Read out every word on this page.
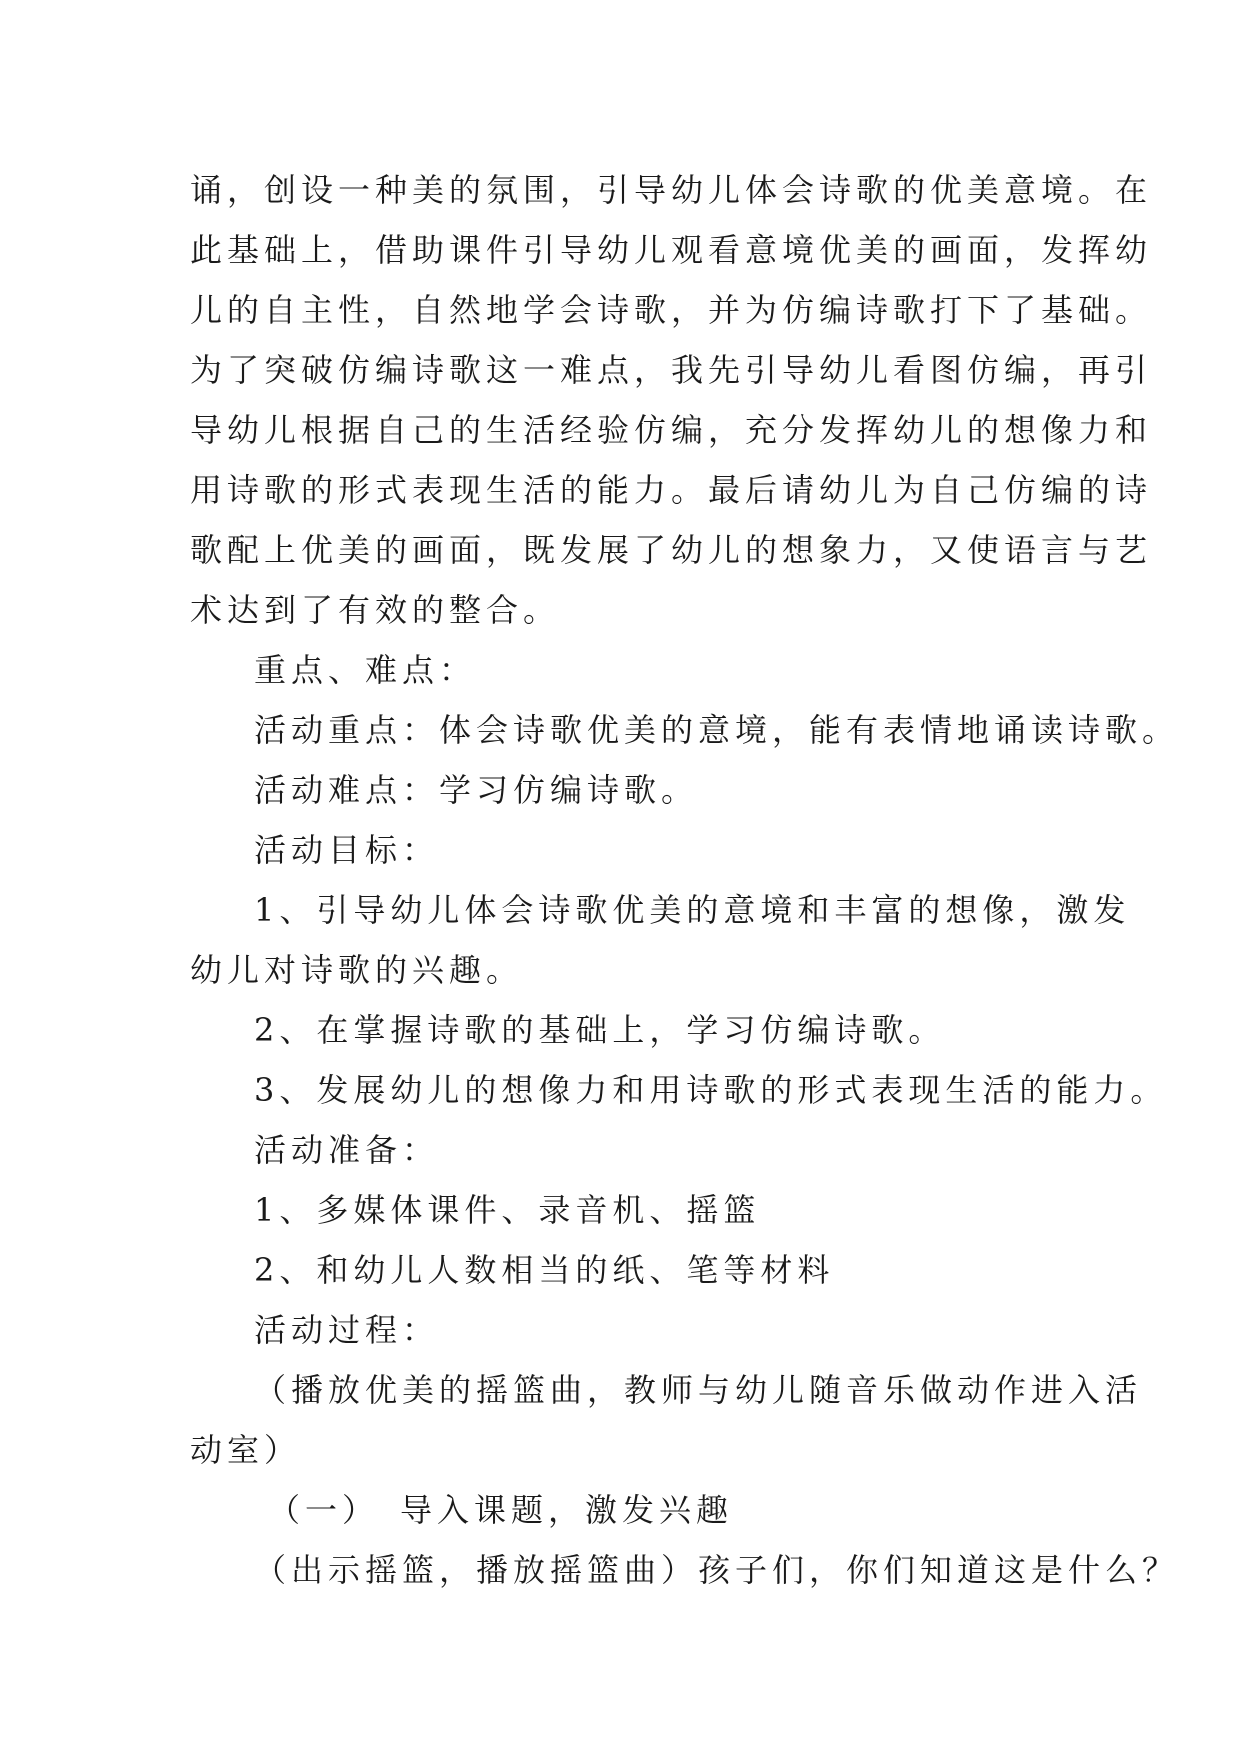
诵，创设一种美的氛围，引导幼儿体会诗歌的优美意境。在
此基础上，借助课件引导幼儿观看意境优美的画面，发挥幼
儿的自主性，自然地学会诗歌，并为仿编诗歌打下了基础。
为了突破仿编诗歌这一难点，我先引导幼儿看图仿编，再引
导幼儿根据自己的生活经验仿编，充分发挥幼儿的想像力和
用诗歌的形式表现生活的能力。最后请幼儿为自己仿编的诗
歌配上优美的画面，既发展了幼儿的想象力，又使语言与艺
术达到了有效的整合。
重点、难点：
活动重点：体会诗歌优美的意境，能有表情地诵读诗歌。
活动难点：学习仿编诗歌。
活动目标：
1、引导幼儿体会诗歌优美的意境和丰富的想像，激发
幼儿对诗歌的兴趣。
2、在掌握诗歌的基础上，学习仿编诗歌。
3、发展幼儿的想像力和用诗歌的形式表现生活的能力。
活动准备：
1、多媒体课件、录音机、摇篮
2、和幼儿人数相当的纸、笔等材料
活动过程：
（播放优美的摇篮曲，教师与幼儿随音乐做动作进入活
动室）
（一）　导入课题，激发兴趣
（出示摇篮，播放摇篮曲）孩子们，你们知道这是什么？
